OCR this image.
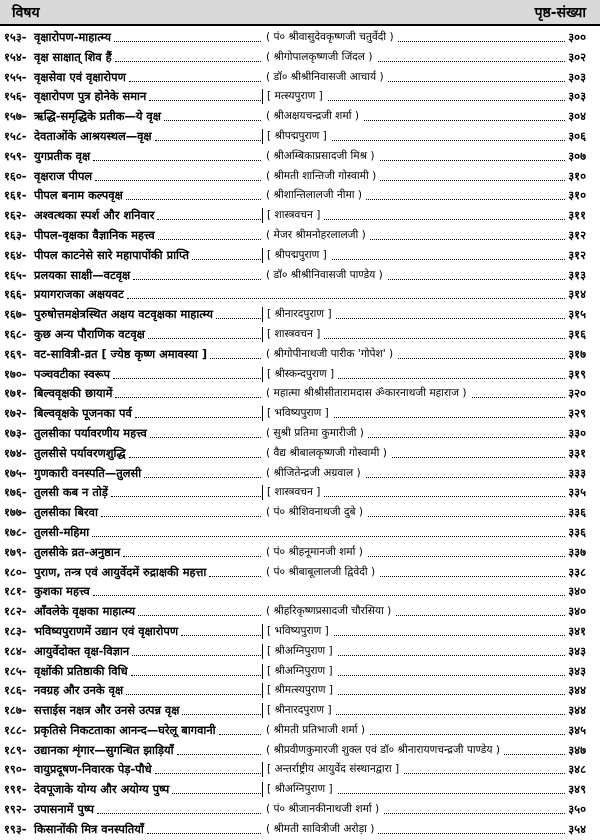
विषय	पृष्ठ-संख्या
१५३- वृक्षारोपण-माहात्म्य	( पं० श्रीवासुदेवकृष्णजी चतुर्वेदी )	३००
१५४- वृक्ष साक्षात् शिव हैं	( श्रीगोपालकृष्णजी जिंदल )	३०२
१५५- वृक्षसेवा एवं वृक्षारोपण	( डॉ० श्रीश्रीनिवासजी आचार्य )	३०३
१५६- वृक्षारोपण पुत्र होनेके समान	[ मत्स्यपुराण ]	३०३
१५७- ऋद्धि-समृद्धिके प्रतीक—ये वृक्ष	( श्रीअक्षयचन्द्रजी शर्मा )	३०४
१५८- देवताओंके आश्रयस्थल—वृक्ष	[ श्रीपद्मपुराण ]	३०६
१५९- युगप्रतीक वृक्ष	( श्रीअम्बिकाप्रसादजी मिश्र )	३०७
१६०- वृक्षराज पीपल	( श्रीमती शान्तिजी गोस्वामी )	३१०
१६१- पीपल बनाम कल्पवृक्ष	( श्रीशान्तिलालजी नीमा )	३१०
१६२- अश्वत्थका स्पर्श और शनिवार	[ शास्त्रवचन ]	३११
१६३- पीपल-वृक्षका वैज्ञानिक महत्त्व	( मेजर श्रीमनोहरलालजी )	३१२
१६४- पीपल काटनेसे सारे महापापोंकी प्राप्ति	[ श्रीपद्मपुराण ]	३१२
१६५- प्रलयका साक्षी—वटवृक्ष	( डॉ० श्रीश्रीनिवासजी पाण्डेय )	३१३
१६६- प्रयागराजका अक्षयवट	३१४
१६७- पुरुषोत्तमक्षेत्रस्थित अक्षय वटवृक्षका माहात्म्य	[ श्रीनारदपुराण ]	३१५
१६८- कुछ अन्य पौराणिक वटवृक्ष	[ शास्त्रवचन ]	३१६
१६९- वट-सावित्री-व्रत [ ज्येष्ठ कृष्ण अमावस्या ]	( श्रीगोपीनाथजी पारीक 'गोपेश' )	३१७
१७०- पञ्चवटीका स्वरूप	[ श्रीस्कन्दपुराण ]	३१९
१७१- बिल्ववृक्षकी छायामें	( महात्मा श्रीश्रीसीतारामदास ॐकारनाथजी महाराज )	३२०
१७२- बिल्ववृक्षके पूजनका पर्व	[ भविष्यपुराण ]	३२९
१७३- तुलसीका पर्यावरणीय महत्त्व	( सुश्री प्रतिमा कुमारीजी )	३३०
१७४- तुलसीसे पर्यावरणशुद्धि	( वैद्य श्रीबालकृष्णजी गोस्वामी )	३३१
१७५- गुणकारी वनस्पति—तुलसी	( श्रीजितेन्द्रजी अग्रवाल )	३३३
१७६- तुलसी कब न तोड़ें	[ शास्त्रवचन ]	३३५
१७७- तुलसीका बिरवा	( पं० श्रीशिवनाथजी दुबे )	३३६
१७८- तुलसी-महिमा	३३६
१७९- तुलसीके व्रत-अनुष्ठान	( पं० श्रीहनूमानजी शर्मा )	३३७
१८०- पुराण, तन्त्र एवं आयुर्वेदमें रुद्राक्षकी महत्ता	( पं० श्रीबाबूलालजी द्विवेदी )	३३८
१८१- कुशका महत्त्व	३४०
१८२- आँवलेके वृक्षका माहात्म्य	( श्रीहरिकृष्णप्रसादजी चौरसिया )	३४०
१८३- भविष्यपुराणमें उद्यान एवं वृक्षारोपण	[ भविष्यपुराण ]	३४१
१८४- आयुर्वेदोक्त वृक्ष-विज्ञान	[ श्रीअग्निपुराण ]	३४३
१८५- वृक्षोंकी प्रतिष्ठाकी विधि	[ श्रीअग्निपुराण ]	३४३
१८६- नवग्रह और उनके वृक्ष	[ श्रीमत्स्यपुराण ]	३४४
१८७- सत्ताईस नक्षत्र और उनसे उत्पन्न वृक्ष	[ श्रीनारदपुराण ]	३४४
१८८- प्रकृतिसे निकटताका आनन्द—घरेलू बागवानी	( श्रीमती प्रतिभाजी शर्मा )	३४५
१८९- उद्यानका शृंगार—सुगन्धित झाड़ियाँ	( श्रीप्रवीणकुमारजी शुक्ल एवं डॉ० श्रीनारायणचन्द्रजी पाण्डेय )	३४७
१९०- वायुप्रदूषण-निवारक पेड़-पौधे	[ अन्तर्राष्ट्रीय आयुर्वेद संस्थानद्वारा ]	३४८
१९१- देवपूजाके योग्य और अयोग्य पुष्प	[ श्रीअग्निपुराण ]	३४९
१९२- उपासनामें पुष्प	( पं० श्रीजानकीनाथजी शर्मा )	३५०
१९३- किसानोंकी मित्र वनस्पतियाँ	( श्रीमती सावित्रीजी अरोड़ा )	३५४
